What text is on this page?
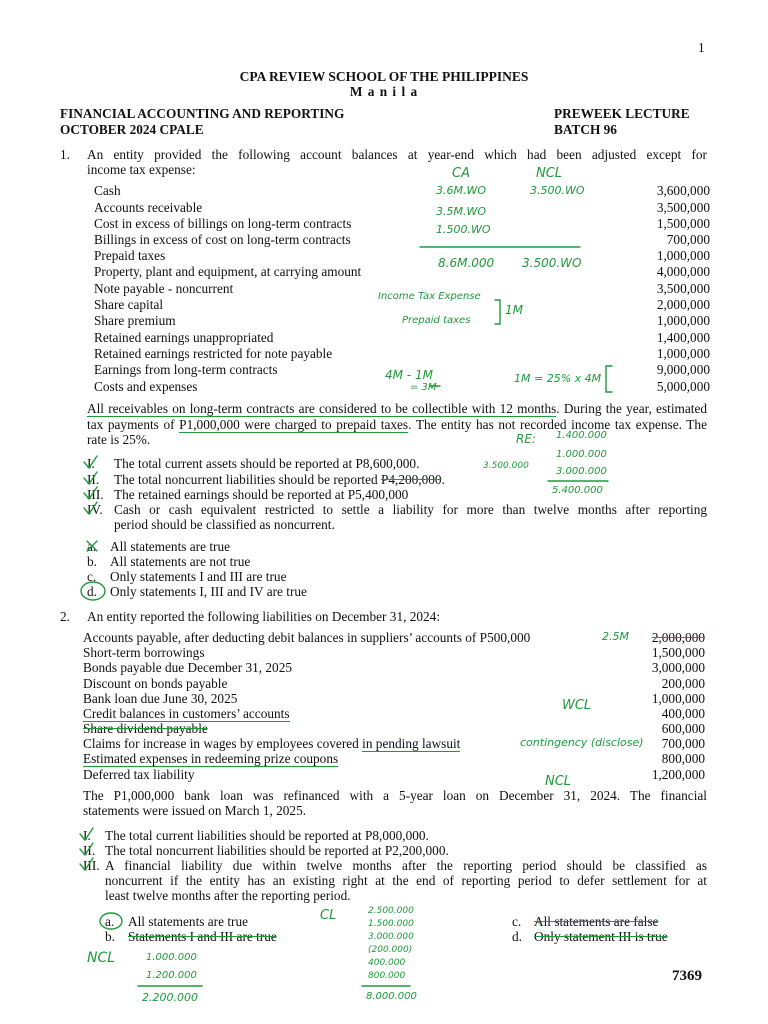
1
CPA REVIEW SCHOOL OF THE PHILIPPINES
M a n i l a
FINANCIAL ACCOUNTING AND REPORTING
OCTOBER 2024 CPALE
PREWEEK LECTURE
BATCH 96
1. An entity provided the following account balances at year-end which had been adjusted except for
income tax expense:
Cash	3,600,000
Accounts receivable	3,500,000
Cost in excess of billings on long-term contracts	1,500,000
Billings in excess of cost on long-term contracts	700,000
Prepaid taxes	1,000,000
Property, plant and equipment, at carrying amount	4,000,000
Note payable - noncurrent	3,500,000
Share capital	2,000,000
Share premium	1,000,000
Retained earnings unappropriated	1,400,000
Retained earnings restricted for note payable	1,000,000
Earnings from long-term contracts	9,000,000
Costs and expenses	5,000,000
All receivables on long-term contracts are considered to be collectible with 12 months. During the year, estimated tax payments of P1,000,000 were charged to prepaid taxes. The entity has not recorded income tax expense. The rate is 25%.
I. The total current assets should be reported at P8,600,000.
II. The total noncurrent liabilities should be reported P4,200,000.
III. The retained earnings should be reported at P5,400,000
IV. Cash or cash equivalent restricted to settle a liability for more than twelve months after reporting
period should be classified as noncurrent.
a. All statements are true
b. All statements are not true
c. Only statements I and III are true
d. Only statements I, III and IV are true
2. An entity reported the following liabilities on December 31, 2024:
Accounts payable, after deducting debit balances in suppliers’ accounts of P500,000	2,000,000
Short-term borrowings	1,500,000
Bonds payable due December 31, 2025	3,000,000
Discount on bonds payable	200,000
Bank loan due June 30, 2025	1,000,000
Credit balances in customers’ accounts	400,000
Share dividend payable	600,000
Claims for increase in wages by employees covered in pending lawsuit	700,000
Estimated expenses in redeeming prize coupons	800,000
Deferred tax liability	1,200,000
The P1,000,000 bank loan was refinanced with a 5-year loan on December 31, 2024. The financial
statements were issued on March 1, 2025.
I. The total current liabilities should be reported at P8,000,000.
II. The total noncurrent liabilities should be reported at P2,200,000.
III. A financial liability due within twelve months after the reporting period should be classified as
noncurrent if the entity has an existing right at the end of reporting period to defer settlement for at
least twelve months after the reporting period.
a. All statements are true
b. Statements I and III are true
c. All statements are false
d. Only statement III is true
7369
CA	NCL
3.6M.WO	3.500.WO
3.5M.WO
1.500.WO
8.6M.000 3.500.WO
Income Tax Expense
Prepaid taxes
1M
4M - 1M
= 3M
1M = 25% x 4M
RE: 1.400.000
1.000.000
3.000.000
5.400.000
3.500.000
2.5M
WCL
contingency (disclose)
NCL
CL	2.500.000
1.500.000
3.000.000
(200.000)
400.000
800.000
8.000.000
NCL	1.000.000
1.200.000
2.200.000
